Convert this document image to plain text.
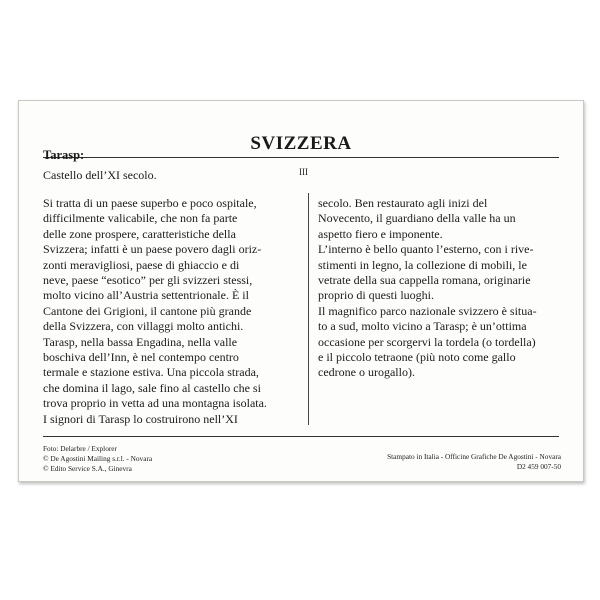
SVIZZERA
Tarasp:
Castello dell’XI secolo.	III
Si tratta di un paese superbo e poco ospitale,
difficilmente valicabile, che non fa parte
delle zone prospere, caratteristiche della
Svizzera; infatti è un paese povero dagli oriz-
zonti meravigliosi, paese di ghiaccio e di
neve, paese “esotico” per gli svizzeri stessi,
molto vicino all’Austria settentrionale. È il
Cantone dei Grigioni, il cantone più grande
della Svizzera, con villaggi molto antichi.
Tarasp, nella bassa Engadina, nella valle
boschiva dell’Inn, è nel contempo centro
termale e stazione estiva. Una piccola strada,
che domina il lago, sale fino al castello che si
trova proprio in vetta ad una montagna isolata.
I signori di Tarasp lo costruirono nell’XI
secolo. Ben restaurato agli inizi del
Novecento, il guardiano della valle ha un
aspetto fiero e imponente.
L’interno è bello quanto l’esterno, con i rive-
stimenti in legno, la collezione di mobili, le
vetrate della sua cappella romana, originarie
proprio di questi luoghi.
Il magnifico parco nazionale svizzero è situa-
to a sud, molto vicino a Tarasp; è un’ottima
occasione per scorgervi la tordela (o tordella)
e il piccolo tetraone (più noto come gallo
cedrone o urogallo).
Foto: Delarbre / Explorer
© De Agostini Mailing s.r.l. - Novara
© Edito Service S.A., Ginevra
Stampato in Italia - Officine Grafiche De Agostini - Novara
D2 459 007-50
